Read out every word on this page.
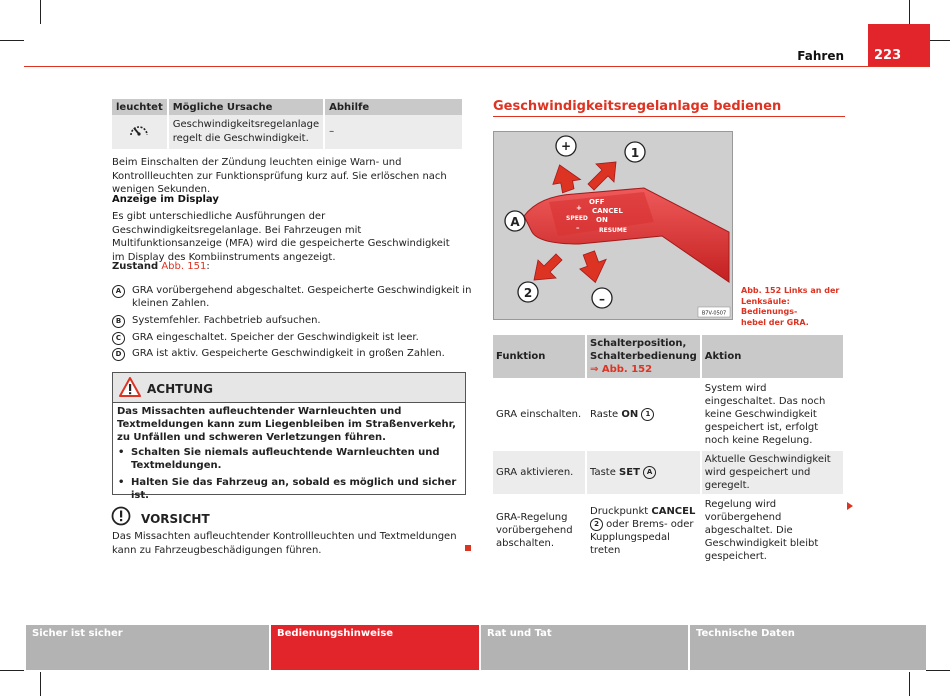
Fahren 223
leuchtet	Mögliche Ursache	Abhilfe
	Geschwindigkeitsregelanlage regelt die Geschwindigkeit.	–
Beim Einschalten der Zündung leuchten einige Warn- und Kontrollleuchten zur Funktionsprüfung kurz auf. Sie erlöschen nach wenigen Sekunden.
Anzeige im Display
Es gibt unterschiedliche Ausführungen der Geschwindigkeitsregelanlage. Bei Fahrzeugen mit Multifunktionsanzeige (MFA) wird die gespeicherte Geschwindigkeit im Display des Kombiinstruments angezeigt.
Zustand Abb. 151:
A	GRA vorübergehend abgeschaltet. Gespeicherte Geschwindigkeit in kleinen Zahlen.
B	Systemfehler. Fachbetrieb aufsuchen.
C	GRA eingeschaltet. Speicher der Geschwindigkeit ist leer.
D	GRA ist aktiv. Gespeicherte Geschwindigkeit in großen Zahlen.
ACHTUNG
Das Missachten aufleuchtender Warnleuchten und Textmeldungen kann zum Liegenbleiben im Straßenverkehr, zu Unfällen und schweren Verletzungen führen.
• Schalten Sie niemals aufleuchtende Warnleuchten und Textmeldungen.
• Halten Sie das Fahrzeug an, sobald es möglich und sicher ist.
VORSICHT
Das Missachten aufleuchtender Kontrollleuchten und Textmeldungen kann zu Fahrzeugbeschädigungen führen.
Geschwindigkeitsregelanlage bedienen
OFF
CANCEL
ON
RESUME
SPEED
+
–
+	1
A
2	–
B7V-0507
Abb. 152 Links an der
Lenksäule: Bedienungs-
hebel der GRA.
Funktion	Schalterposition,
Schalterbedienung
⇒ Abb. 152	Aktion
GRA einschalten.	Raste ON 1	System wird eingeschaltet. Das noch keine Geschwindigkeit gespeichert ist, erfolgt noch keine Regelung.
GRA aktivieren.	Taste SET A	Aktuelle Geschwindigkeit wird gespeichert und geregelt.
GRA-Regelung vorübergehend abschalten.	Druckpunkt CANCEL 2 oder Brems- oder Kupplungspedal treten	Regelung wird vorübergehend abgeschaltet. Die Geschwindigkeit bleibt gespeichert.
Sicher ist sicher	Bedienungshinweise	Rat und Tat	Technische Daten
